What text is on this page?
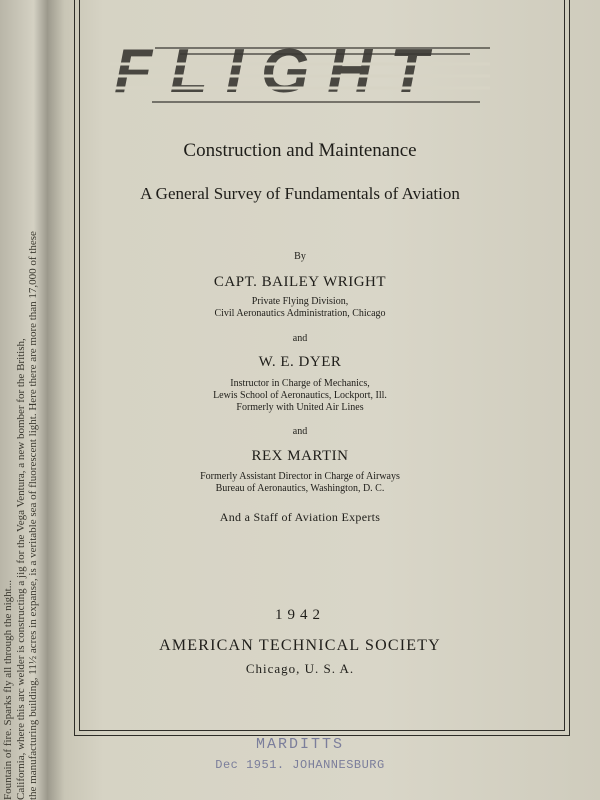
Fountain of fire. Sparks fly all through the night... California, where this arc welder is constructing a jig for the Vega Ventura, a new bomber for the British, the manufacturing building, 11½ acres in expanse, is a veritable sea of fluorescent light. Here there are more than 17,000 of these
FLIGHT
Construction and Maintenance
A General Survey of Fundamentals of Aviation
By
CAPT. BAILEY WRIGHT
Private Flying Division,
Civil Aeronautics Administration, Chicago
and
W. E. DYER
Instructor in Charge of Mechanics,
Lewis School of Aeronautics, Lockport, Ill.
Formerly with United Air Lines
and
REX MARTIN
Formerly Assistant Director in Charge of Airways
Bureau of Aeronautics, Washington, D. C.
And a Staff of Aviation Experts
1942
AMERICAN TECHNICAL SOCIETY
Chicago, U. S. A.
MARDITTS
Dec 1951. JOHANNESBURG
